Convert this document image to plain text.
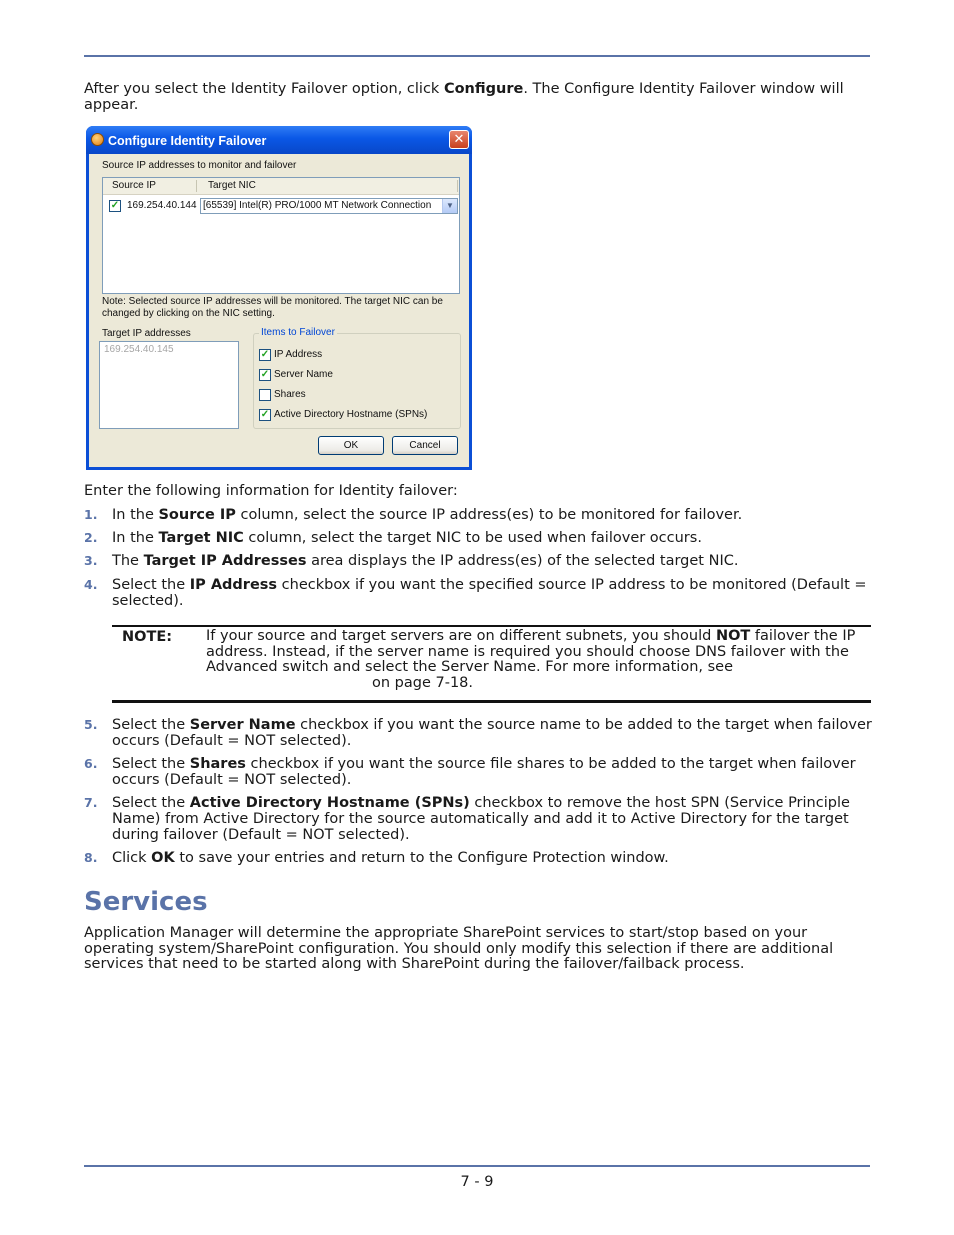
After you select the Identity Failover option, click Configure. The Configure Identity Failover window will appear.

Configure Identity Failover	✕
Source IP addresses to monitor and failover
Source IP	Target NIC
✓ 169.254.40.144 [65539] Intel(R) PRO/1000 MT Network Connection	▼
Note: Selected source IP addresses will be monitored. The target NIC can be
changed by clicking on the NIC setting.
Target IP addresses
169.254.40.145
Items to Failover
✓ IP Address
✓ Server Name
Shares
✓ Active Directory Hostname (SPNs)
OK	Cancel

Enter the following information for Identity failover:

1. In the Source IP column, select the source IP address(es) to be monitored for failover.
2. In the Target NIC column, select the target NIC to be used when failover occurs.
3. The Target IP Addresses area displays the IP address(es) of the selected target NIC.
4. Select the IP Address checkbox if you want the specified source IP address to be monitored (Default = selected).
NOTE: If your source and target servers are on different subnets, you should NOT failover the IP address. Instead, if the server name is required you should choose DNS failover with the Advanced switch and select the Server Name. For more information, see
on page 7-18.
5. Select the Server Name checkbox if you want the source name to be added to the target when failover occurs (Default = NOT selected).
6. Select the Shares checkbox if you want the source file shares to be added to the target when failover occurs (Default = NOT selected).
7. Select the Active Directory Hostname (SPNs) checkbox to remove the host SPN (Service Principle Name) from Active Directory for the source automatically and add it to Active Directory for the target during failover (Default = NOT selected).
8. Click OK to save your entries and return to the Configure Protection window.
Services

Application Manager will determine the appropriate SharePoint services to start/stop based on your operating system/SharePoint configuration. You should only modify this selection if there are additional services that need to be started along with SharePoint during the failover/failback process.

7 - 9
